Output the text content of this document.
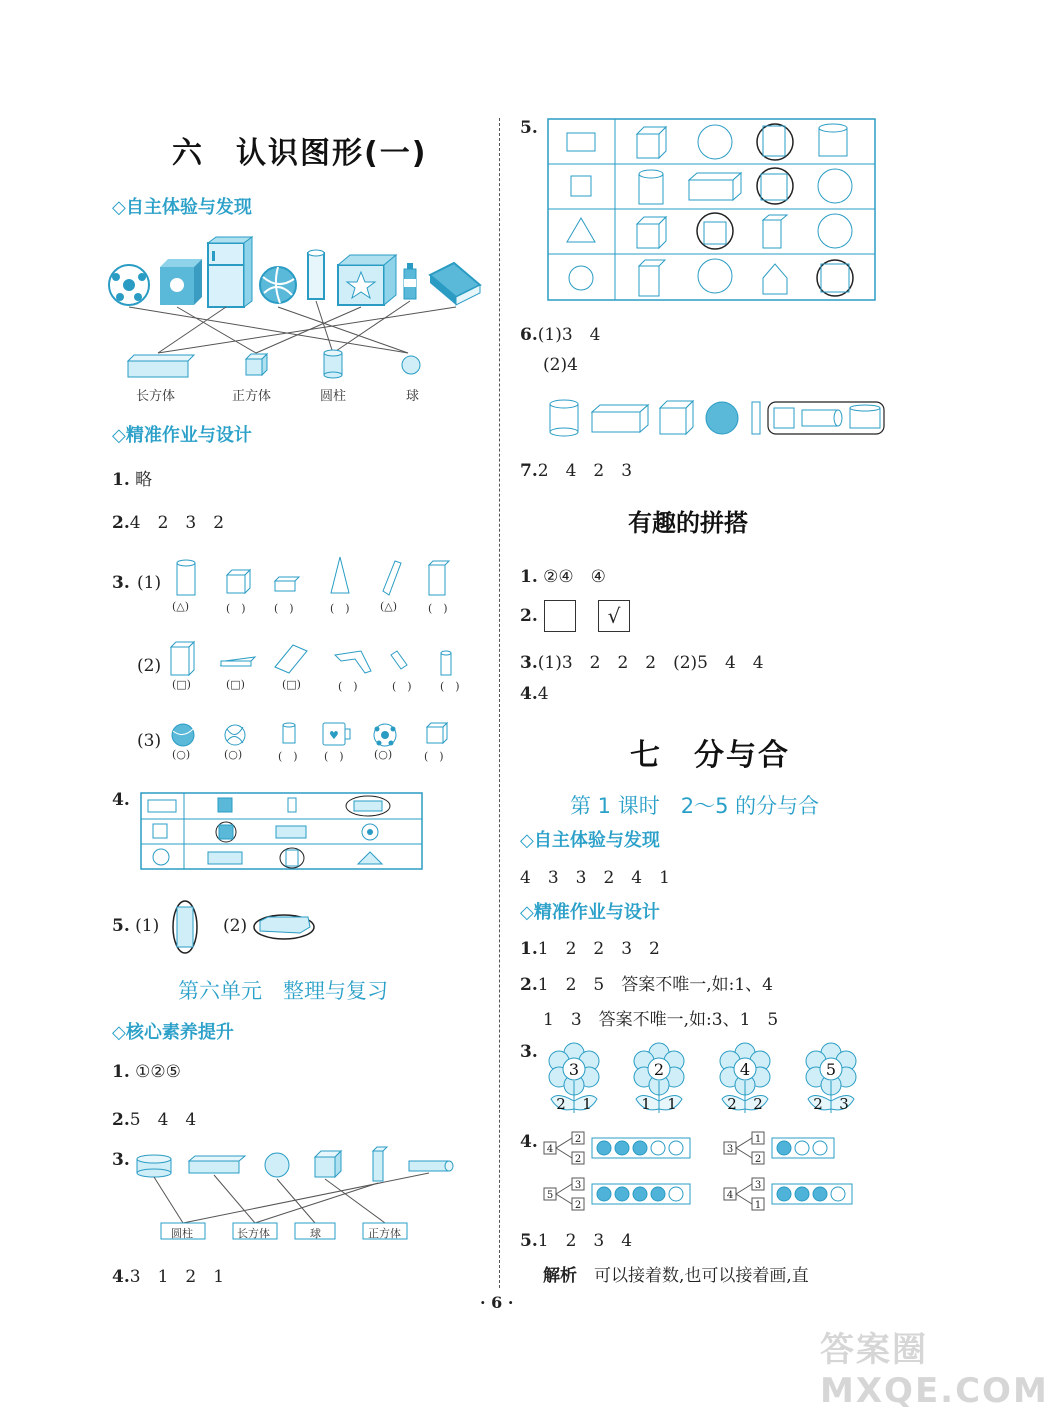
六　认识图形(一)
◇自主体验与发现
长方体	正方体	圆柱	球
◇精准作业与设计
1. 略
2.4　2　3　2
3. (1)
(2)
(3)	♥
(△)	(　)	(　)	(　)	(△)	(　)
(□)	(□)	(□)	(　)	(　)	(　)
(○)	(○)	(　) (　)	(○)	(　)
4.
5. (1)	(2)
第六单元　整理与复习
◇核心素养提升
1. ①②⑤
2.5　4　4
3.
圆柱	长方体	球	正方体
4.3　1　2　1
5.
6.(1)3　4
(2)4
7.2　4　2　3
有趣的拼搭
1. ②④　④
2.	√
3.(1)3　2　2　2　(2)5　4　4
4.4
七　分与合
第 1 课时　2～5 的分与合
◇自主体验与发现
4　3　3　2　4　1
◇精准作业与设计
1.1　2　2　3　2
2.1　2　5　答案不唯一,如:1、4
1　3　答案不唯一,如:3、1　5
3.
3
2 1
2
1 1
4
2 2
5
2 3
4. 4
2
2
3
1
2
5
3
2
4
3
1
5.1　2　3　4
解析　 可以接着数,也可以接着画,直
· 6 ·
答案圈 MXQE.COM
